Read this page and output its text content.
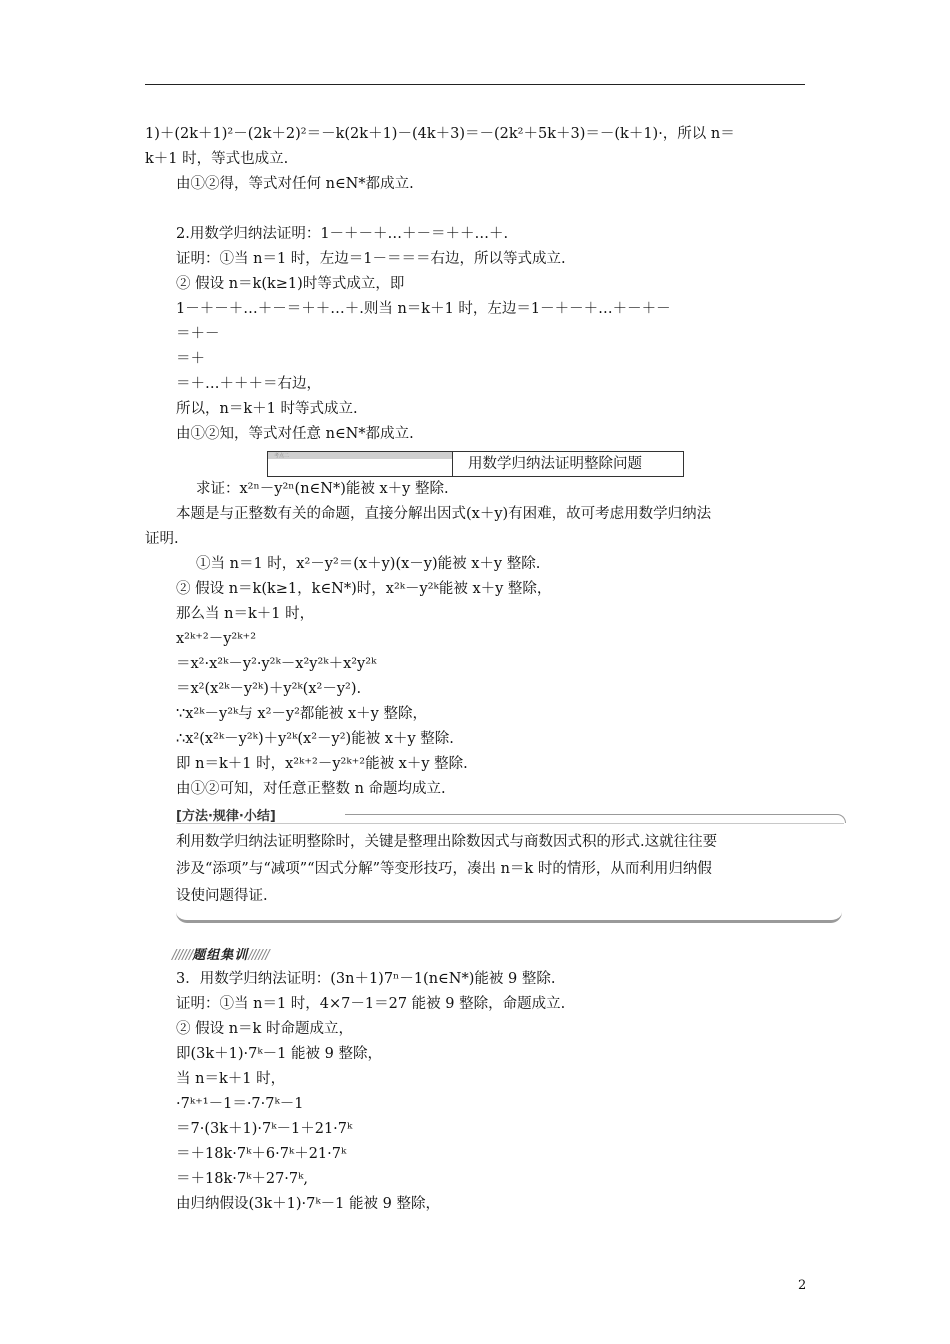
1)＋(2k＋1)²－(2k＋2)²＝－k(2k＋1)－(4k＋3)＝－(2k²＋5k＋3)＝－(k＋1)·，所以 n＝
k＋1 时，等式也成立.
由①②得，等式对任何 n∈N*都成立.
2.用数学归纳法证明：1－＋－＋…＋－＝＋＋…＋.
证明：①当 n＝1 时，左边＝1－＝＝＝右边，所以等式成立.
② 假设 n＝k(k≥1)时等式成立，即
1－＋－＋…＋－＝＋＋…＋.则当 n＝k＋1 时，左边＝1－＋－＋…＋－＋－
＝＋－
＝＋
＝＋…＋＋＋＝右边，
所以，n＝k＋1 时等式成立.
由①②知，等式对任意 n∈N*都成立.
求证：x²ⁿ－y²ⁿ(n∈N*)能被 x＋y 整除.
本题是与正整数有关的命题，直接分解出因式(x＋y)有困难，故可考虑用数学归纳法
证明.
①当 n＝1 时，x²－y²＝(x＋y)(x－y)能被 x＋y 整除.
② 假设 n＝k(k≥1，k∈N*)时，x²ᵏ－y²ᵏ能被 x＋y 整除，
那么当 n＝k＋1 时，
x²ᵏ⁺²－y²ᵏ⁺²
＝x²·x²ᵏ－y²·y²ᵏ－x²y²ᵏ＋x²y²ᵏ
＝x²(x²ᵏ－y²ᵏ)＋y²ᵏ(x²－y²).
∵x²ᵏ－y²ᵏ与 x²－y²都能被 x＋y 整除，
∴x²(x²ᵏ－y²ᵏ)＋y²ᵏ(x²－y²)能被 x＋y 整除.
即 n＝k＋1 时，x²ᵏ⁺²－y²ᵏ⁺²能被 x＋y 整除.
由①②可知，对任意正整数 n 命题均成立.
利用数学归纳法证明整除时，关键是整理出除数因式与商数因式积的形式.这就往往要
涉及“添项”与“减项”“因式分解”等变形技巧，凑出 n＝k 时的情形，从而利用归纳假
设使问题得证.
3．用数学归纳法证明：(3n＋1)7ⁿ－1(n∈N*)能被 9 整除.
证明：①当 n＝1 时，4×7－1＝27 能被 9 整除，命题成立.
② 假设 n＝k 时命题成立，
即(3k＋1)·7ᵏ－1 能被 9 整除，
当 n＝k＋1 时，
·7ᵏ⁺¹－1＝·7·7ᵏ－1
＝7·(3k＋1)·7ᵏ－1＋21·7ᵏ
＝＋18k·7ᵏ＋6·7ᵏ＋21·7ᵏ
＝＋18k·7ᵏ＋27·7ᵏ,
由归纳假设(3k＋1)·7ᵏ－1 能被 9 整除，
考点二	用数学归纳法证明整除问题
[方法·规律·小结]
//////题组集训//////
2
